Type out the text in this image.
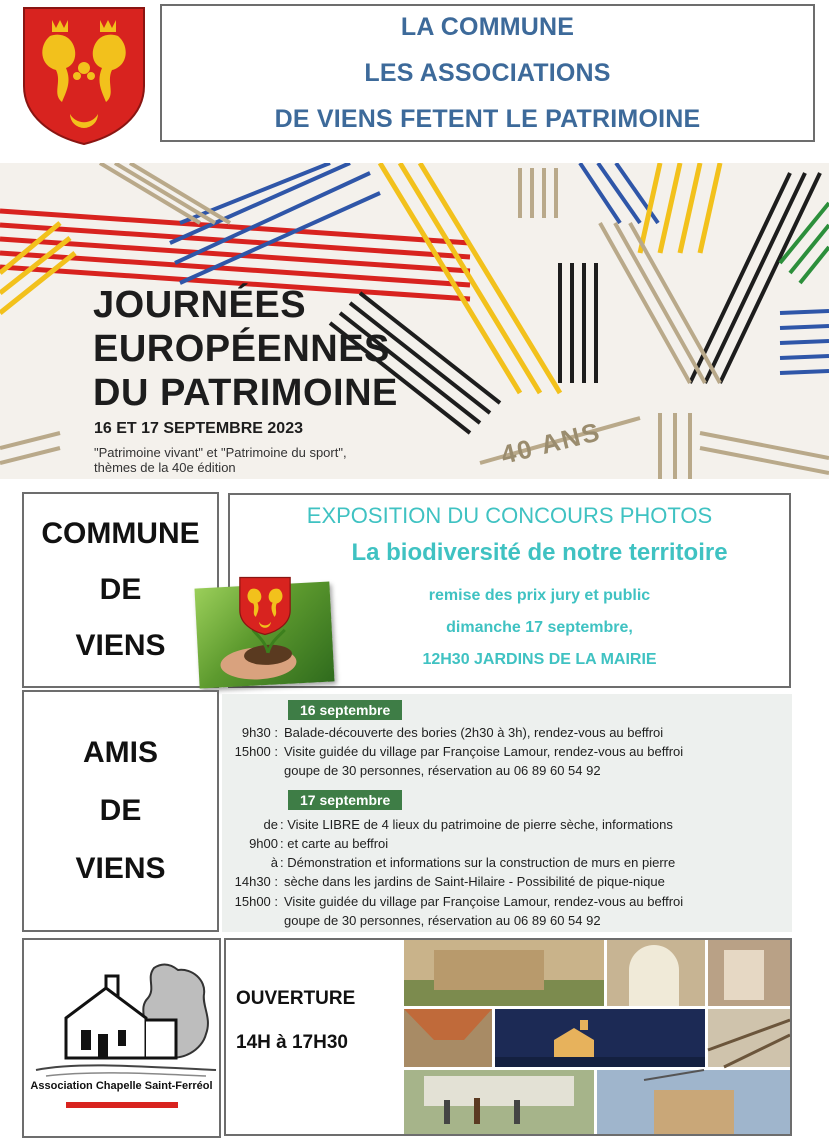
LA COMMUNE
LES ASSOCIATIONS
DE VIENS FETENT LE PATRIMOINE
JOURNÉES
EUROPÉENNES
DU PATRIMOINE
16 ET 17 SEPTEMBRE 2023
"Patrimoine vivant" et "Patrimoine du sport",
thèmes de la 40e édition	40 ANS
COMMUNE
DE
VIENS
EXPOSITION DU CONCOURS PHOTOS
La biodiversité de notre territoire
remise des prix jury et public
dimanche 17 septembre,
12H30 JARDINS DE LA MAIRIE
AMIS
DE
VIENS
16 septembre
9h30 : Balade-découverte des bories (2h30 à 3h), rendez-vous au beffroi
15h00 : Visite guidée du village par Françoise Lamour, rendez-vous au beffroi
goupe de 30 personnes, réservation au 06 89 60 54 92
17 septembre
de : Visite LIBRE de 4 lieux du patrimoine de pierre sèche, informations
9h00 : et carte au beffroi
à : Démonstration et informations sur la construction de murs en pierre
14h30 : sèche dans les jardins de Saint-Hilaire - Possibilité de pique-nique
15h00 : Visite guidée du village par Françoise Lamour, rendez-vous au beffroi
goupe de 30 personnes, réservation au 06 89 60 54 92
Association Chapelle Saint-Ferréol
OUVERTURE
14H à 17H30
